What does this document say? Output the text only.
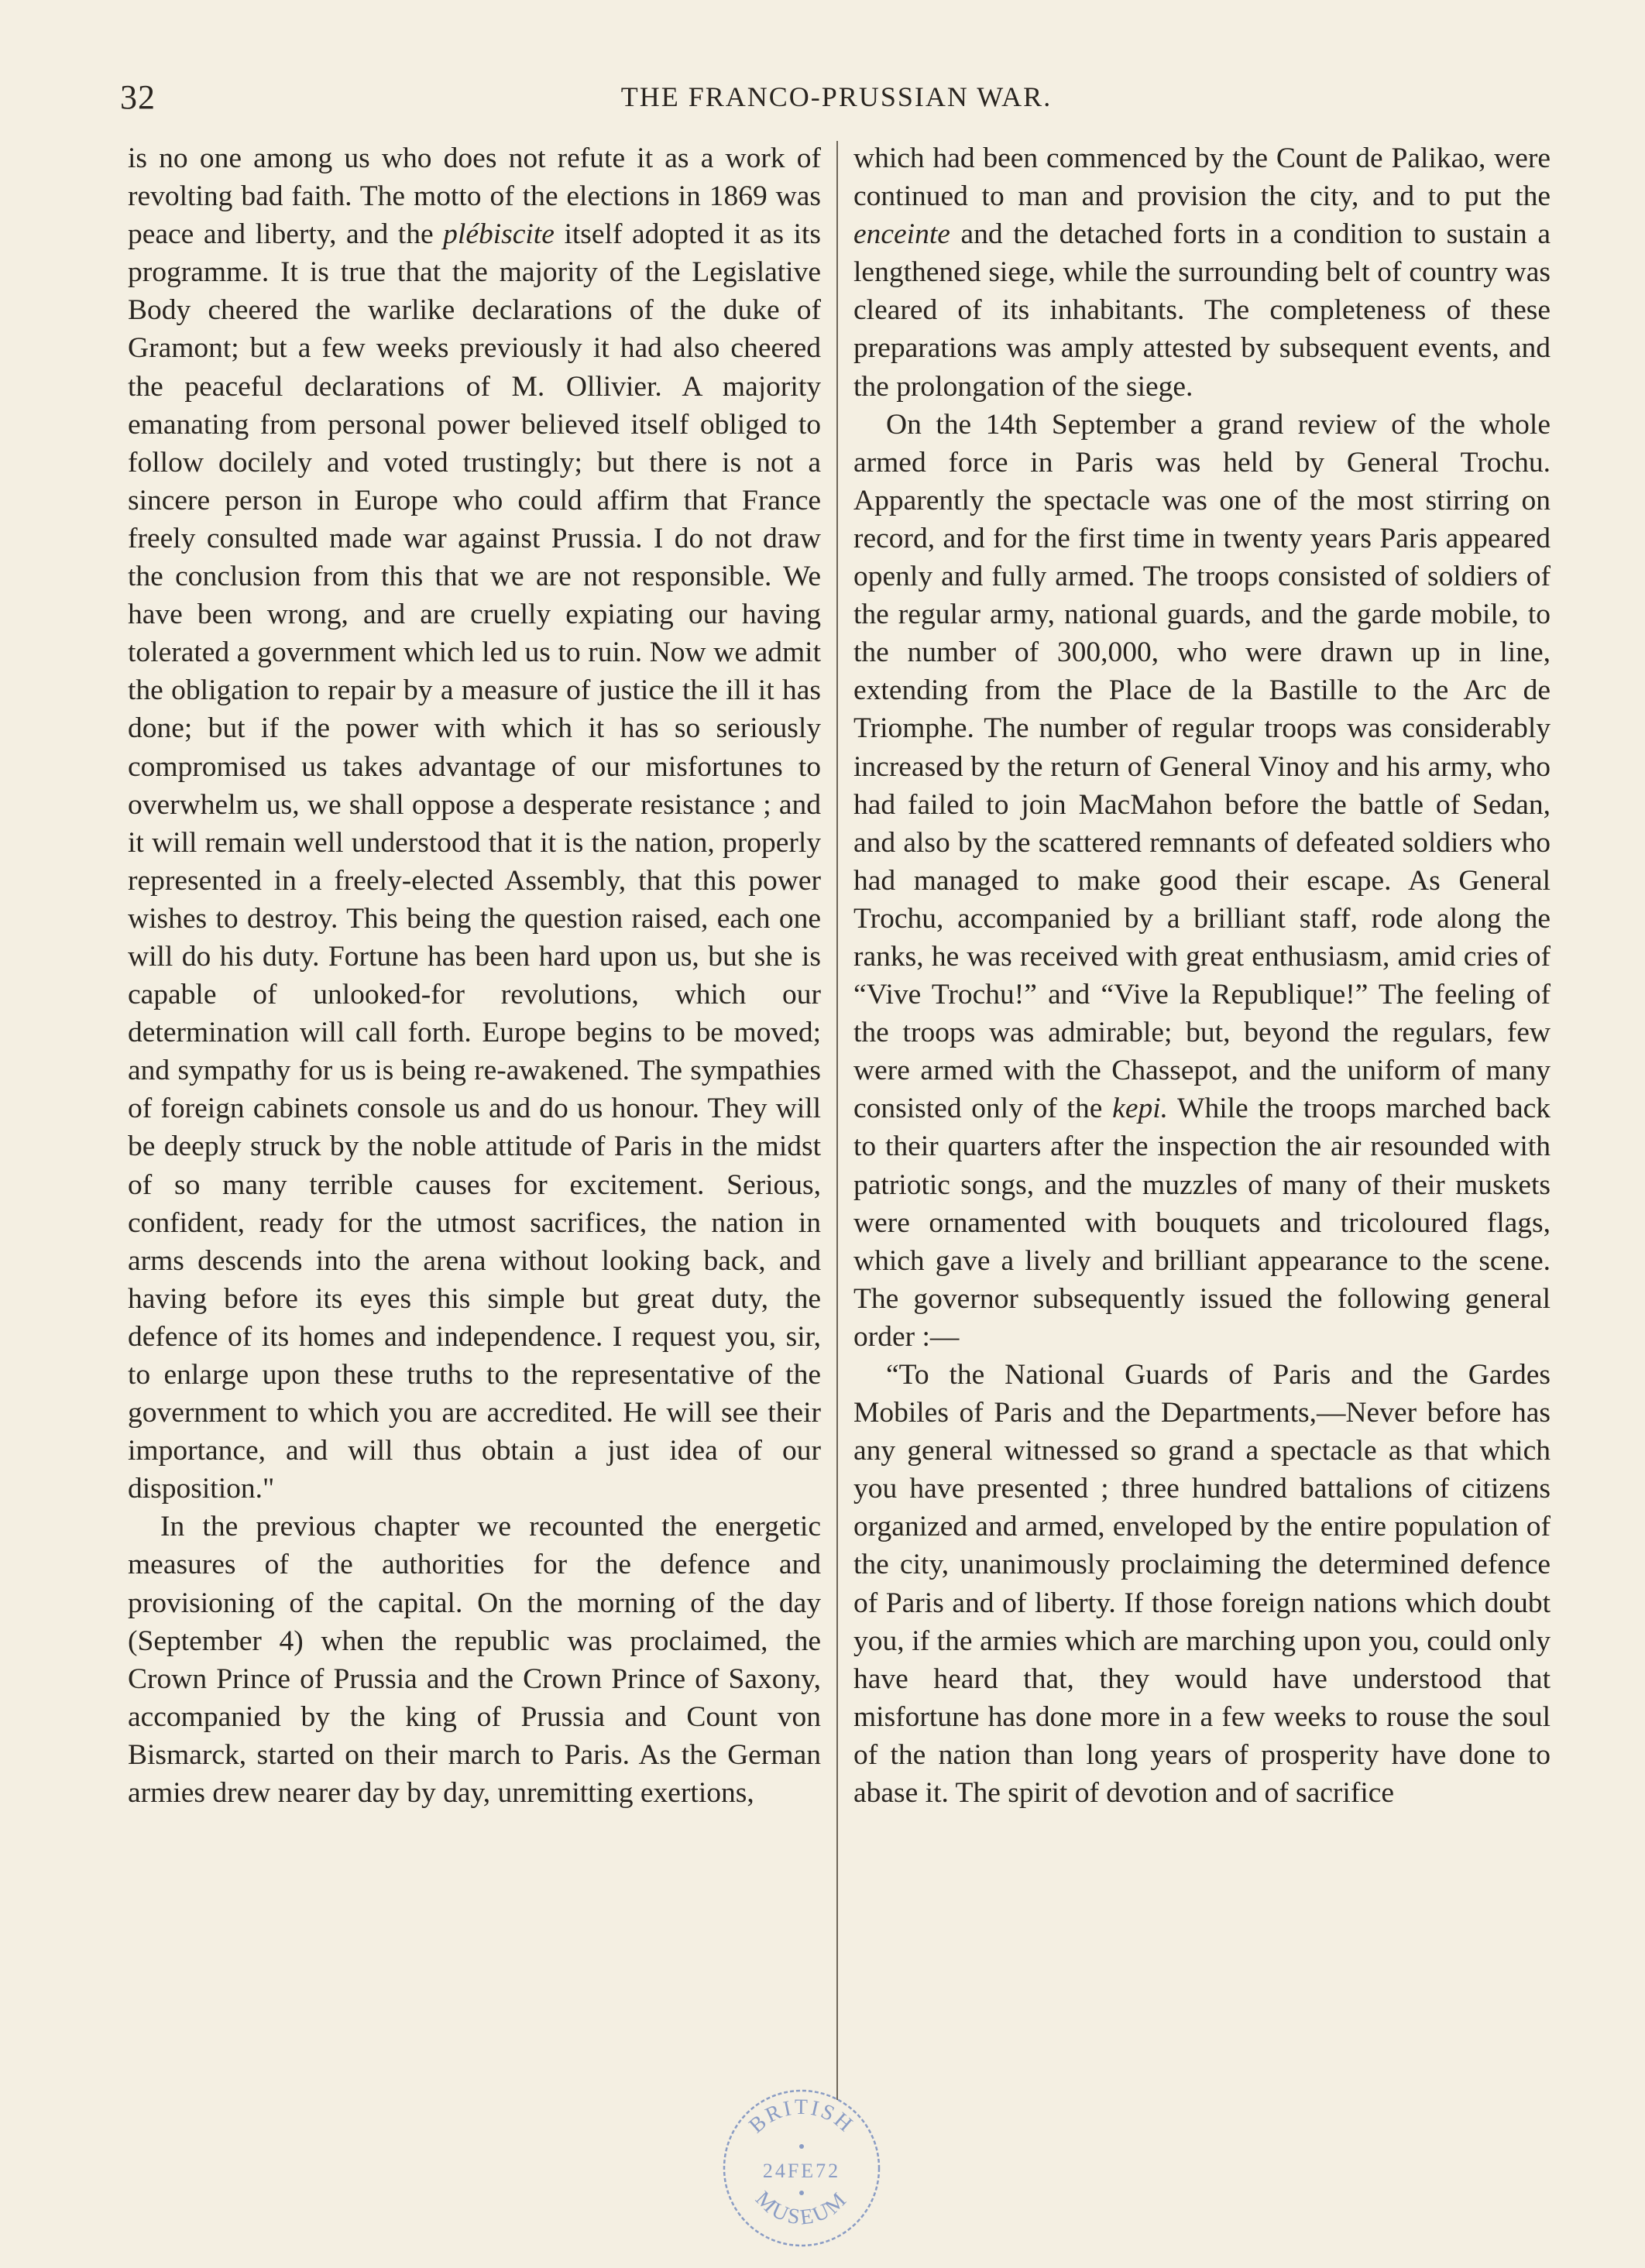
32	THE FRANCO-PRUSSIAN WAR.

is no one among us who does not refute it as a work of revolting bad faith. The motto of the elections in 1869 was peace and liberty, and the plébiscite itself adopted it as its programme. It is true that the majority of the Legislative Body cheered the warlike declarations of the duke of Gramont; but a few weeks previously it had also cheered the peaceful declarations of M. Ollivier. A majority emanating from personal power believed itself obliged to follow docilely and voted trustingly; but there is not a sincere person in Europe who could affirm that France freely consulted made war against Prussia. I do not draw the conclusion from this that we are not responsible. We have been wrong, and are cruelly expiating our having tolerated a government which led us to ruin. Now we admit the obligation to repair by a measure of justice the ill it has done; but if the power with which it has so seriously compromised us takes advantage of our misfortunes to overwhelm us, we shall oppose a desperate resistance ; and it will remain well understood that it is the nation, properly represented in a freely-elected Assembly, that this power wishes to destroy. This being the question raised, each one will do his duty. Fortune has been hard upon us, but she is capable of unlooked-for revolutions, which our determination will call forth. Europe begins to be moved; and sympathy for us is being re-awakened. The sympathies of foreign cabinets console us and do us honour. They will be deeply struck by the noble attitude of Paris in the midst of so many terrible causes for excitement. Serious, confident, ready for the utmost sacrifices, the nation in arms descends into the arena without looking back, and having before its eyes this simple but great duty, the defence of its homes and independence. I request you, sir, to enlarge upon these truths to the representative of the government to which you are accredited. He will see their importance, and will thus obtain a just idea of our disposition."

In the previous chapter we recounted the energetic measures of the authorities for the defence and provisioning of the capital. On the morning of the day (September 4) when the republic was proclaimed, the Crown Prince of Prussia and the Crown Prince of Saxony, accompanied by the king of Prussia and Count von Bismarck, started on their march to Paris. As the German armies drew nearer day by day, unremitting exertions,

which had been commenced by the Count de Palikao, were continued to man and provision the city, and to put the enceinte and the detached forts in a condition to sustain a lengthened siege, while the surrounding belt of country was cleared of its inhabitants. The completeness of these preparations was amply attested by subsequent events, and the prolongation of the siege.

On the 14th September a grand review of the whole armed force in Paris was held by General Trochu. Apparently the spectacle was one of the most stirring on record, and for the first time in twenty years Paris appeared openly and fully armed. The troops consisted of soldiers of the regular army, national guards, and the garde mobile, to the number of 300,000, who were drawn up in line, extending from the Place de la Bastille to the Arc de Triomphe. The number of regular troops was considerably increased by the return of General Vinoy and his army, who had failed to join MacMahon before the battle of Sedan, and also by the scattered remnants of defeated soldiers who had managed to make good their escape. As General Trochu, accompanied by a brilliant staff, rode along the ranks, he was received with great enthusiasm, amid cries of “Vive Trochu!” and “Vive la Republique!” The feeling of the troops was admirable; but, beyond the regulars, few were armed with the Chassepot, and the uniform of many consisted only of the kepi. While the troops marched back to their quarters after the inspection the air resounded with patriotic songs, and the muzzles of many of their muskets were ornamented with bouquets and tricoloured flags, which gave a lively and brilliant appearance to the scene. The governor subsequently issued the following general order :—

“To the National Guards of Paris and the Gardes Mobiles of Paris and the Departments,—Never before has any general witnessed so grand a spectacle as that which you have presented ; three hundred battalions of citizens organized and armed, enveloped by the entire population of the city, unanimously proclaiming the determined defence of Paris and of liberty. If those foreign nations which doubt you, if the armies which are marching upon you, could only have heard that, they would have understood that misfortune has done more in a few weeks to rouse the soul of the nation than long years of prosperity have done to abase it. The spirit of devotion and of sacrifice

BRITISH
24FE72
MUSEUM
